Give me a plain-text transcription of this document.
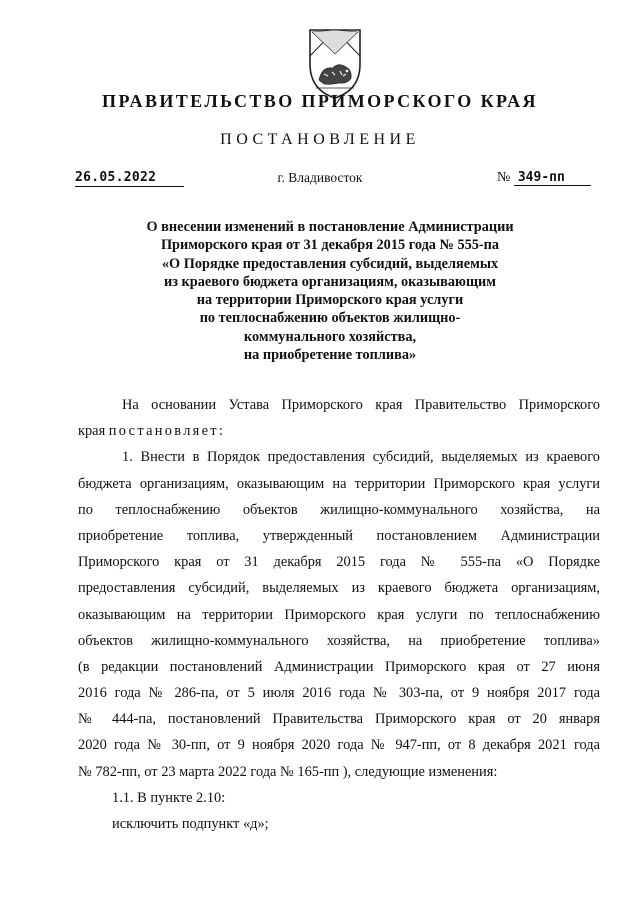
ПРАВИТЕЛЬСТВО ПРИМОРСКОГО КРАЯ
ПОСТАНОВЛЕНИЕ
26.05.2022	г. Владивосток	№ 349-пп
О внесении изменений в постановление Администрации
Приморского края от 31 декабря 2015 года № 555-па
«О Порядке предоставления субсидий, выделяемых
из краевого бюджета организациям, оказывающим
на территории Приморского края услуги
по теплоснабжению объектов жилищно-
коммунального хозяйства,
на приобретение топлива»
На основании Устава Приморского края Правительство Приморского
края постановляет:
1. Внести в Порядок предоставления субсидий, выделяемых из краевого
бюджета организациям, оказывающим на территории Приморского края услуги
по теплоснабжению объектов жилищно-коммунального хозяйства, на
приобретение топлива, утвержденный постановлением Администрации
Приморского края от 31 декабря 2015 года № 555-па «О Порядке
предоставления субсидий, выделяемых из краевого бюджета организациям,
оказывающим на территории Приморского края услуги по теплоснабжению
объектов жилищно-коммунального хозяйства, на приобретение топлива»
(в редакции постановлений Администрации Приморского края от 27 июня
2016 года № 286-па, от 5 июля 2016 года № 303-па, от 9 ноября 2017 года
№ 444-па, постановлений Правительства Приморского края от 20 января
2020 года № 30-пп, от 9 ноября 2020 года № 947-пп, от 8 декабря 2021 года
№ 782-пп, от 23 марта 2022 года № 165-пп ), следующие изменения:
1.1. В пункте 2.10:
исключить подпункт «д»;
